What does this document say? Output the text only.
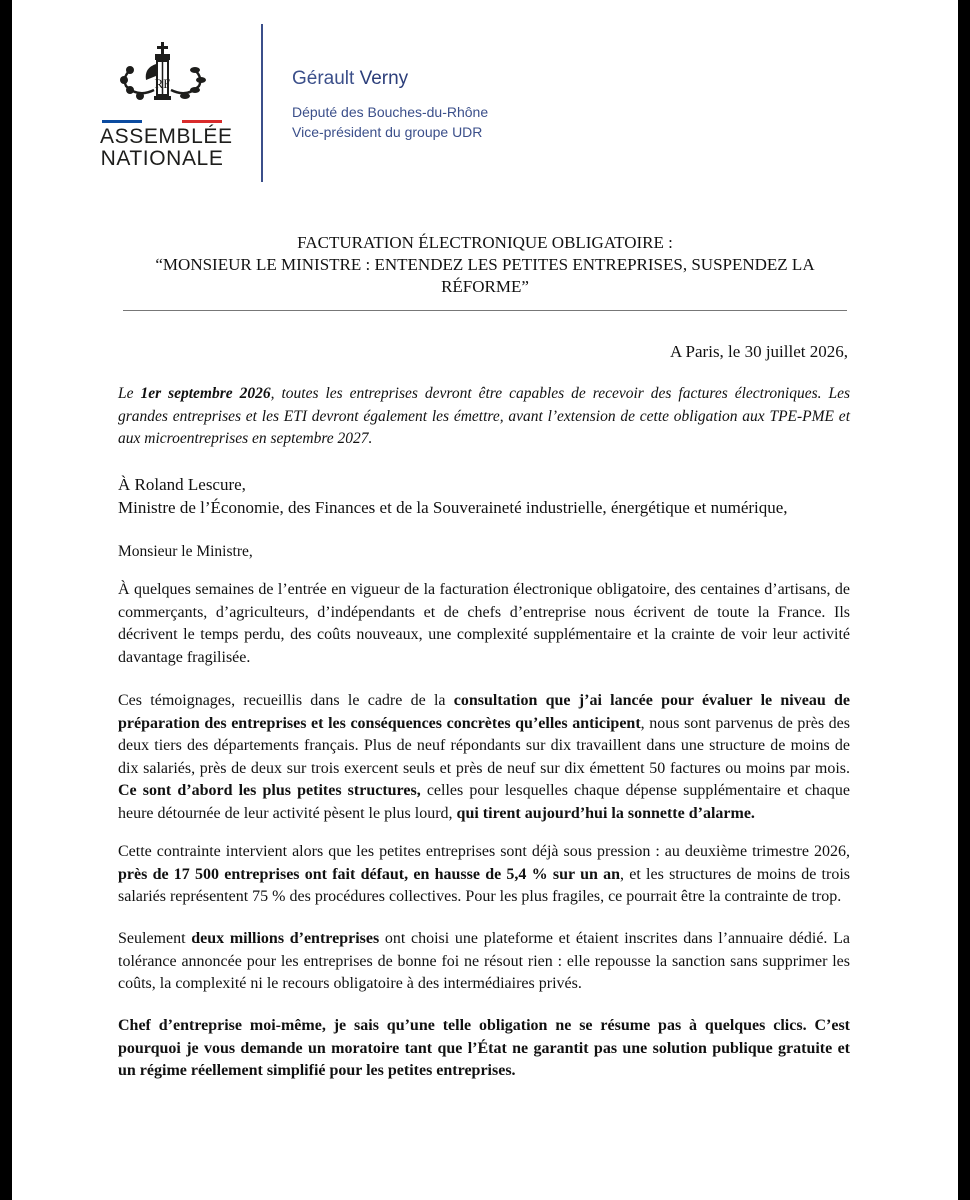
RF
ASSEMBLÉE
NATIONALE
Gérault Verny
Député des Bouches-du-Rhône
Vice-président du groupe UDR
FACTURATION ÉLECTRONIQUE OBLIGATOIRE :
“MONSIEUR LE MINISTRE : ENTENDEZ LES PETITES ENTREPRISES, SUSPENDEZ LA RÉFORME”
A Paris, le 30 juillet 2026,
Le 1er septembre 2026, toutes les entreprises devront être capables de recevoir des factures électroniques. Les grandes entreprises et les ETI devront également les émettre, avant l’extension de cette obligation aux TPE-PME et aux microentreprises en septembre 2027.
À Roland Lescure,
Ministre de l’Économie, des Finances et de la Souveraineté industrielle, énergétique et numérique,
Monsieur le Ministre,
À quelques semaines de l’entrée en vigueur de la facturation électronique obligatoire, des centaines d’artisans, de commerçants, d’agriculteurs, d’indépendants et de chefs d’entreprise nous écrivent de toute la France. Ils décrivent le temps perdu, des coûts nouveaux, une complexité supplémentaire et la crainte de voir leur activité davantage fragilisée.
Ces témoignages, recueillis dans le cadre de la consultation que j’ai lancée pour évaluer le niveau de préparation des entreprises et les conséquences concrètes qu’elles anticipent, nous sont parvenus de près des deux tiers des départements français. Plus de neuf répondants sur dix travaillent dans une structure de moins de dix salariés, près de deux sur trois exercent seuls et près de neuf sur dix émettent 50 factures ou moins par mois. Ce sont d’abord les plus petites structures, celles pour lesquelles chaque dépense supplémentaire et chaque heure détournée de leur activité pèsent le plus lourd, qui tirent aujourd’hui la sonnette d’alarme.
Cette contrainte intervient alors que les petites entreprises sont déjà sous pression : au deuxième trimestre 2026, près de 17 500 entreprises ont fait défaut, en hausse de 5,4 % sur un an, et les structures de moins de trois salariés représentent 75 % des procédures collectives. Pour les plus fragiles, ce pourrait être la contrainte de trop.
Seulement deux millions d’entreprises ont choisi une plateforme et étaient inscrites dans l’annuaire dédié. La tolérance annoncée pour les entreprises de bonne foi ne résout rien : elle repousse la sanction sans supprimer les coûts, la complexité ni le recours obligatoire à des intermédiaires privés.
Chef d’entreprise moi-même, je sais qu’une telle obligation ne se résume pas à quelques clics. C’est pourquoi je vous demande un moratoire tant que l’État ne garantit pas une solution publique gratuite et un régime réellement simplifié pour les petites entreprises.
